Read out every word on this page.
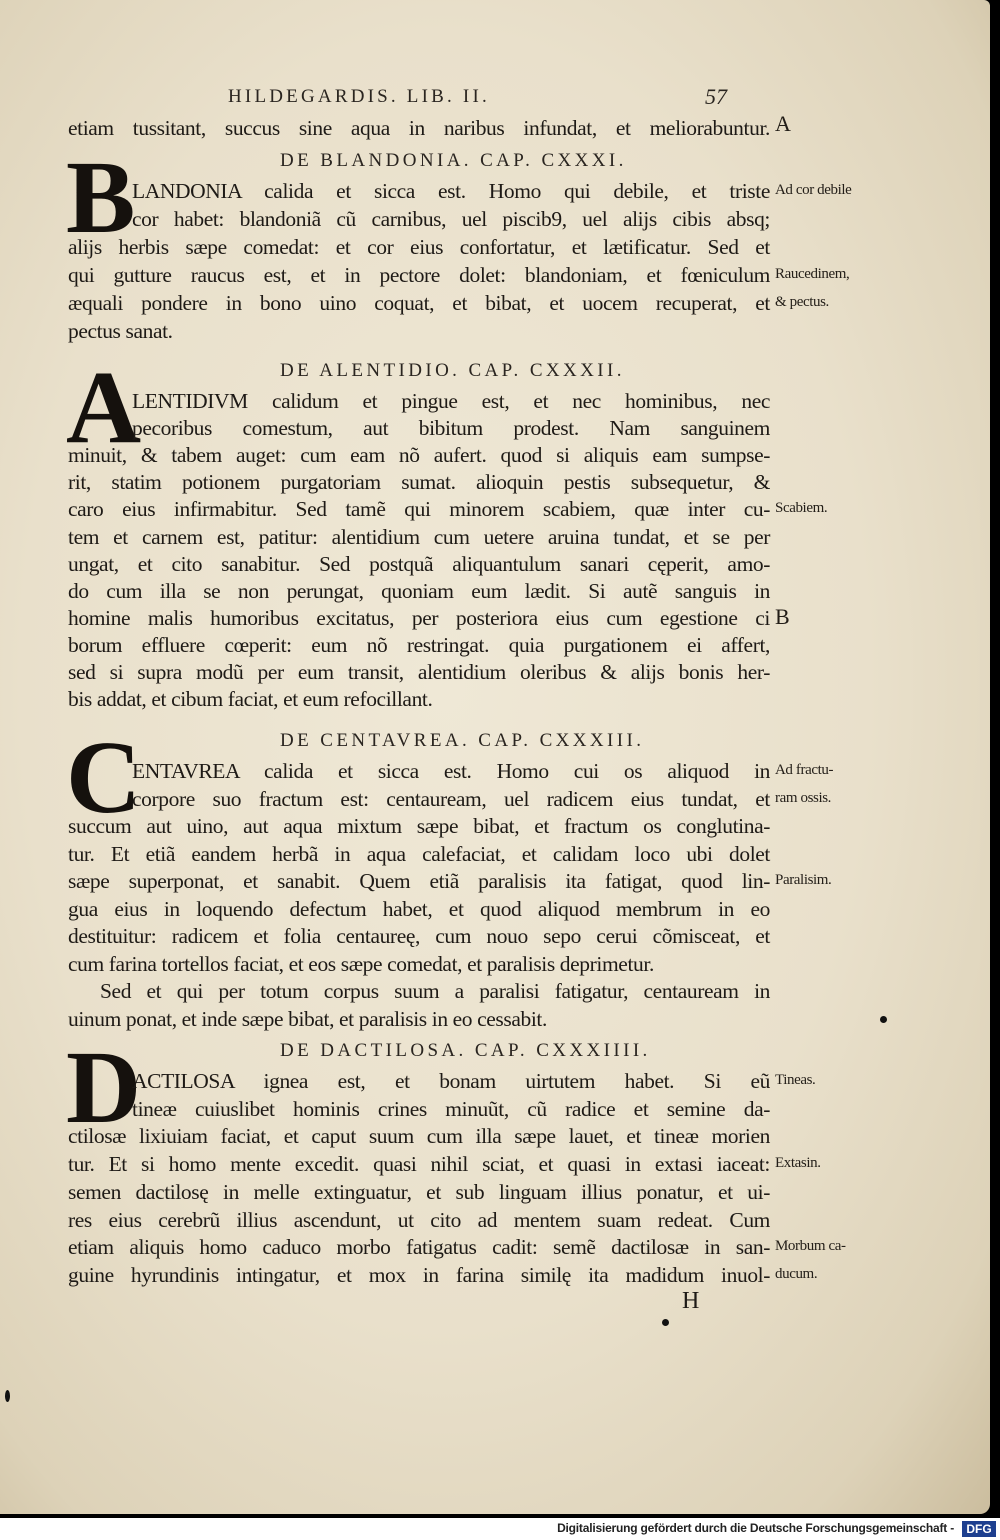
HILDEGARDIS. LIB. II.	57
etiam tussitant, succus sine aqua in naribus infundat, et meliorabuntur. A
B	DE BLANDONIA. CAP. CXXXI.
LANDONIA calida et sicca est. Homo qui debile, et triste
cor habet: blandoniã cũ carnibus, uel piscib9, uel alijs cibis absq;
alijs herbis sæpe comedat: et cor eius confortatur, et lætificatur. Sed et
qui gutture raucus est, et in pectore dolet: blandoniam, et fœniculum
æquali pondere in bono uino coquat, et bibat, et uocem recuperat, et
pectus sanat.
Ad cor debile
Raucedinem,
& pectus.
A	DE ALENTIDIO. CAP. CXXXII.
LENTIDIVM calidum et pingue est, et nec hominibus, nec
pecoribus comestum, aut bibitum prodest. Nam sanguinem
minuit, & tabem auget: cum eam nõ aufert. quod si aliquis eam sumpse-
rit, statim potionem purgatoriam sumat. alioquin pestis subsequetur, &
caro eius infirmabitur. Sed tamẽ qui minorem scabiem, quæ inter cu-
tem et carnem est, patitur: alentidium cum uetere aruina tundat, et se per
ungat, et cito sanabitur. Sed postquã aliquantulum sanari cęperit, amo-
do cum illa se non perungat, quoniam eum lædit. Si autẽ sanguis in
homine malis humoribus excitatus, per posteriora eius cum egestione ci
borum effluere cœperit: eum nõ restringat. quia purgationem ei affert,
sed si supra modũ per eum transit, alentidium oleribus & alijs bonis her-
bis addat, et cibum faciat, et eum refocillant.
Scabiem.
B
C	DE CENTAVREA. CAP. CXXXIII.
ENTAVREA calida et sicca est. Homo cui os aliquod in
corpore suo fractum est: centauream, uel radicem eius tundat, et
succum aut uino, aut aqua mixtum sæpe bibat, et fractum os conglutina-
tur. Et etiã eandem herbã in aqua calefaciat, et calidam loco ubi dolet
sæpe superponat, et sanabit. Quem etiã paralisis ita fatigat, quod lin-
gua eius in loquendo defectum habet, et quod aliquod membrum in eo
destituitur: radicem et folia centaureę, cum nouo sepo cerui cõmisceat, et
cum farina tortellos faciat, et eos sæpe comedat, et paralisis deprimetur.
Sed et qui per totum corpus suum a paralisi fatigatur, centauream in
uinum ponat, et inde sæpe bibat, et paralisis in eo cessabit.
Ad fractu-
ram ossis.
Paralisim.
D	DE DACTILOSA. CAP. CXXXIIII.
ACTILOSA ignea est, et bonam uirtutem habet. Si eũ
tineæ cuiuslibet hominis crines minuũt, cũ radice et semine da-
ctilosæ lixiuiam faciat, et caput suum cum illa sæpe lauet, et tineæ morien
tur. Et si homo mente excedit. quasi nihil sciat, et quasi in extasi iaceat:
semen dactilosę in melle extinguatur, et sub linguam illius ponatur, et ui-
res eius cerebrũ illius ascendunt, ut cito ad mentem suam redeat. Cum
etiam aliquis homo caduco morbo fatigatus cadit: semẽ dactilosæ in san-
guine hyrundinis intingatur, et mox in farina similę ita madidum inuol-
Tineas.
Extasin.
Morbum ca-
ducum.
H
Digitalisierung gefördert durch die Deutsche Forschungsgemeinschaft -	DFG
